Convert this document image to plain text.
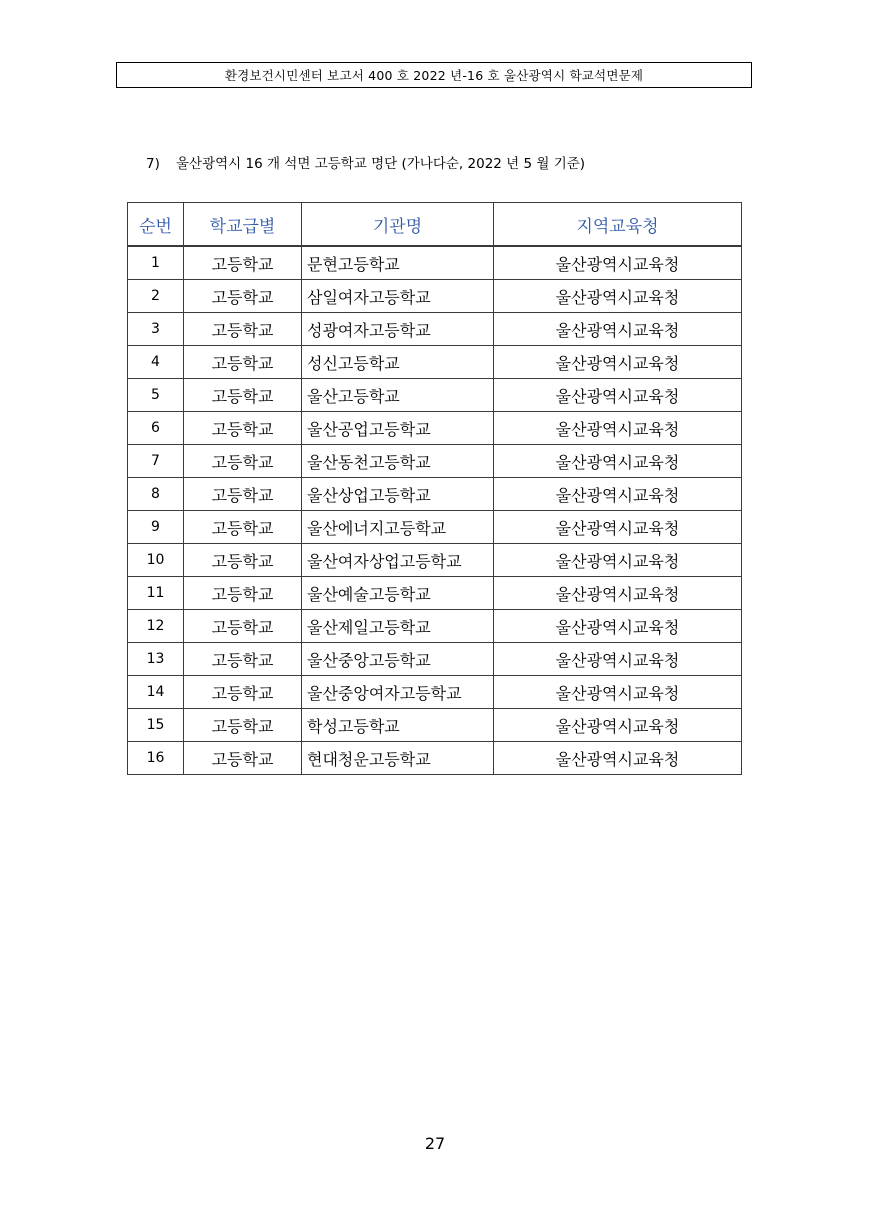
환경보건시민센터 보고서 400 호 2022 년-16 호 울산광역시 학교석면문제
7) 울산광역시 16 개 석면 고등학교 명단 (가나다순, 2022 년 5 월 기준)
순번	학교급별	기관명	지역교육청
1	고등학교	문현고등학교	울산광역시교육청
2	고등학교	삼일여자고등학교	울산광역시교육청
3	고등학교	성광여자고등학교	울산광역시교육청
4	고등학교	성신고등학교	울산광역시교육청
5	고등학교	울산고등학교	울산광역시교육청
6	고등학교	울산공업고등학교	울산광역시교육청
7	고등학교	울산동천고등학교	울산광역시교육청
8	고등학교	울산상업고등학교	울산광역시교육청
9	고등학교	울산에너지고등학교	울산광역시교육청
10	고등학교	울산여자상업고등학교	울산광역시교육청
11	고등학교	울산예술고등학교	울산광역시교육청
12	고등학교	울산제일고등학교	울산광역시교육청
13	고등학교	울산중앙고등학교	울산광역시교육청
14	고등학교	울산중앙여자고등학교	울산광역시교육청
15	고등학교	학성고등학교	울산광역시교육청
16	고등학교	현대청운고등학교	울산광역시교육청
27
